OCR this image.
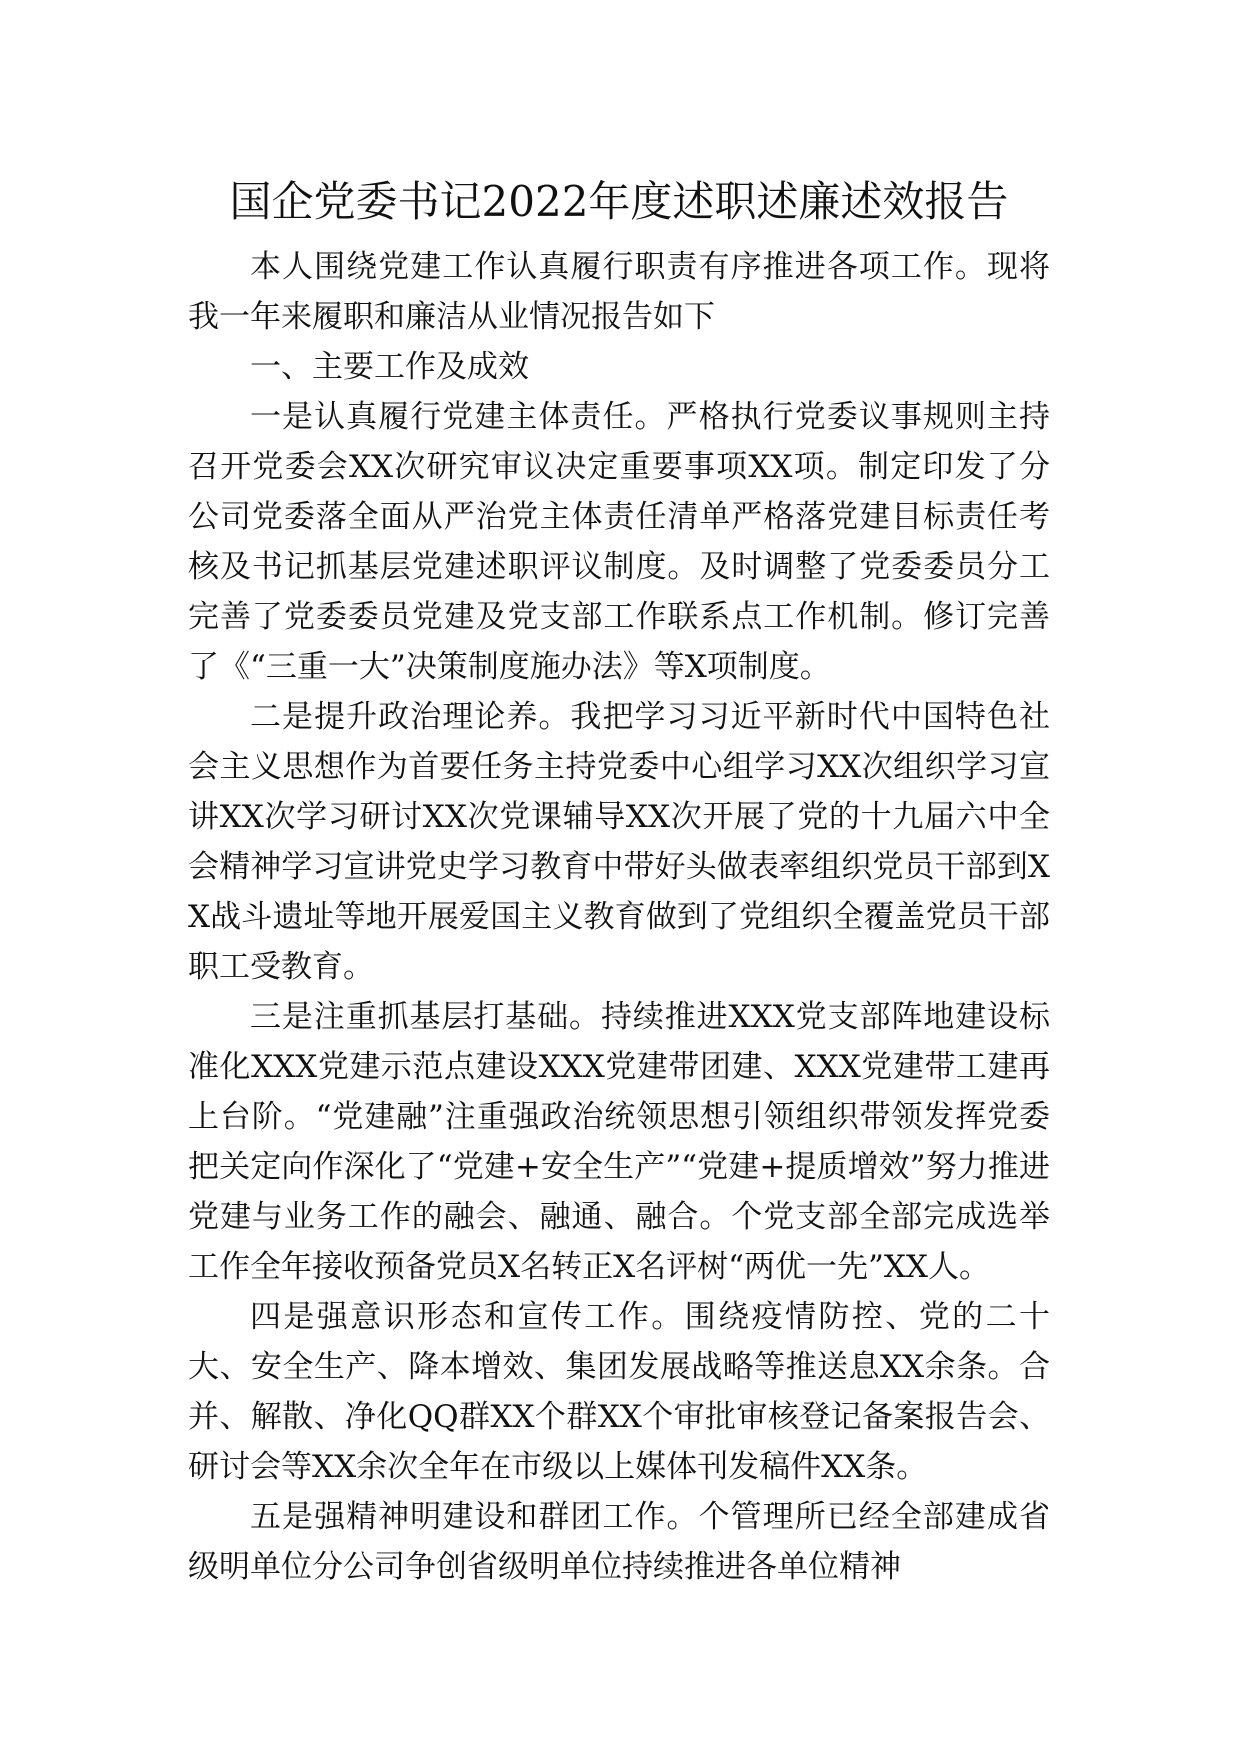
国企党委书记2022年度述职述廉述效报告

本人围绕党建工作认真履行职责有序推进各项工作。现将我一年来履职和廉洁从业情况报告如下

一、主要工作及成效

一是认真履行党建主体责任。严格执行党委议事规则主持召开党委会XX次研究审议决定重要事项XX项。制定印发了分公司党委落全面从严治党主体责任清单严格落党建目标责任考核及书记抓基层党建述职评议制度。及时调整了党委委员分工完善了党委委员党建及党支部工作联系点工作机制。修订完善了《“三重一大”决策制度施办法》等X项制度。

二是提升政治理论养。我把学习习近平新时代中国特色社会主义思想作为首要任务主持党委中心组学习XX次组织学习宣讲XX次学习研讨XX次党课辅导XX次开展了党的十九届六中全会精神学习宣讲党史学习教育中带好头做表率组织党员干部到XX战斗遗址等地开展爱国主义教育做到了党组织全覆盖党员干部职工受教育。

三是注重抓基层打基础。持续推进XXX党支部阵地建设标准化XXX党建示范点建设XXX党建带团建、XXX党建带工建再上台阶。“党建融”注重强政治统领思想引领组织带领发挥党委把关定向作深化了“党建+安全生产”“党建+提质增效”努力推进党建与业务工作的融会、融通、融合。个党支部全部完成选举工作全年接收预备党员X名转正X名评树“两优一先”XX人。

四是强意识形态和宣传工作。围绕疫情防控、党的二十大、安全生产、降本增效、集团发展战略等推送息XX余条。合并、解散、净化QQ群XX个群XX个审批审核登记备案报告会、研讨会等XX余次全年在市级以上媒体刊发稿件XX条。

五是强精神明建设和群团工作。个管理所已经全部建成省级明单位分公司争创省级明单位持续推进各单位精神
